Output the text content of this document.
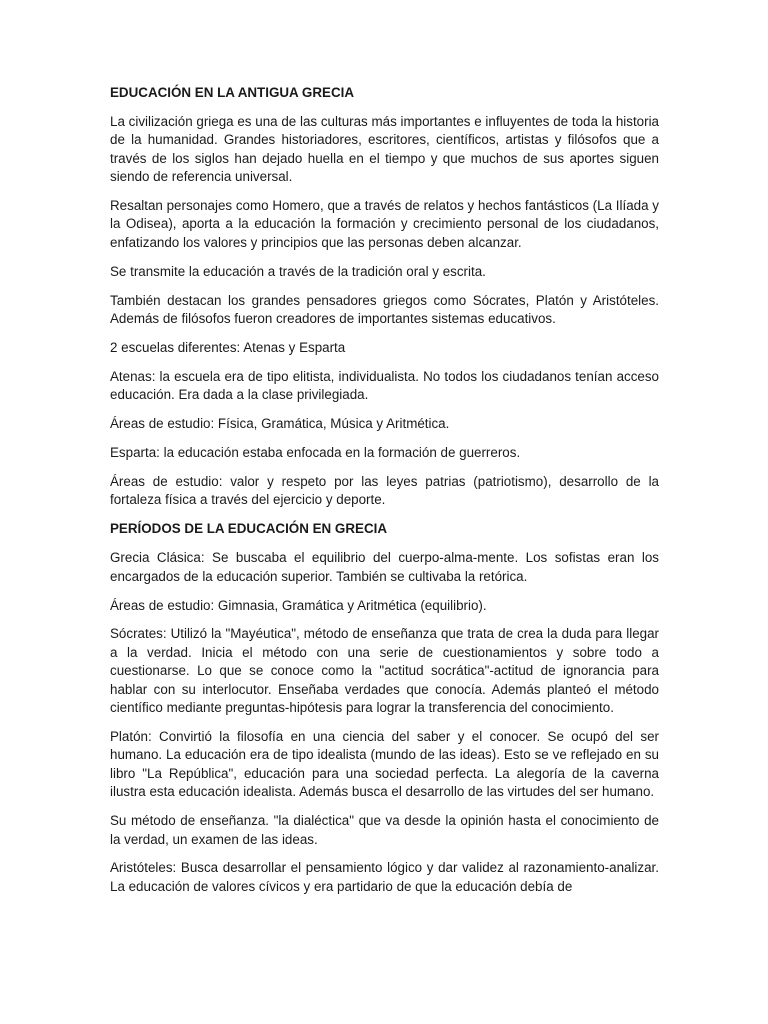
EDUCACIÓN EN LA ANTIGUA GRECIA

La civilización griega es una de las culturas más importantes e influyentes de toda la historia de la humanidad. Grandes historiadores, escritores, científicos, artistas y filósofos que a través de los siglos han dejado huella en el tiempo y que muchos de sus aportes siguen siendo de referencia universal.

Resaltan personajes como Homero, que a través de relatos y hechos fantásticos (La Ilíada y la Odisea), aporta a la educación la formación y crecimiento personal de los ciudadanos, enfatizando los valores y principios que las personas deben alcanzar.

Se transmite la educación a través de la tradición oral y escrita.

También destacan los grandes pensadores griegos como Sócrates, Platón y Aristóteles. Además de filósofos fueron creadores de importantes sistemas educativos.

2 escuelas diferentes: Atenas y Esparta

Atenas: la escuela era de tipo elitista, individualista. No todos los ciudadanos tenían acceso educación. Era dada a la clase privilegiada.

Áreas de estudio: Física, Gramática, Música y Aritmética.

Esparta: la educación estaba enfocada en la formación de guerreros.

Áreas de estudio: valor y respeto por las leyes patrias (patriotismo), desarrollo de la fortaleza física a través del ejercicio y deporte.

PERÍODOS DE LA EDUCACIÓN EN GRECIA

Grecia Clásica: Se buscaba el equilibrio del cuerpo-alma-mente. Los sofistas eran los encargados de la educación superior. También se cultivaba la retórica.

Áreas de estudio: Gimnasia, Gramática y Aritmética (equilibrio).

Sócrates: Utilizó la "Mayéutica", método de enseñanza que trata de crea la duda para llegar a la verdad. Inicia el método con una serie de cuestionamientos y sobre todo a cuestionarse. Lo que se conoce como la "actitud socrática"-actitud de ignorancia para hablar con su interlocutor. Enseñaba verdades que conocía. Además planteó el método científico mediante preguntas-hipótesis para lograr la transferencia del conocimiento.

Platón: Convirtió la filosofía en una ciencia del saber y el conocer. Se ocupó del ser humano. La educación era de tipo idealista (mundo de las ideas). Esto se ve reflejado en su libro "La República", educación para una sociedad perfecta. La alegoría de la caverna ilustra esta educación idealista. Además busca el desarrollo de las virtudes del ser humano.

Su método de enseñanza. "la dialéctica" que va desde la opinión hasta el conocimiento de la verdad, un examen de las ideas.

Aristóteles: Busca desarrollar el pensamiento lógico y dar validez al razonamiento-analizar. La educación de valores cívicos y era partidario de que la educación debía de
